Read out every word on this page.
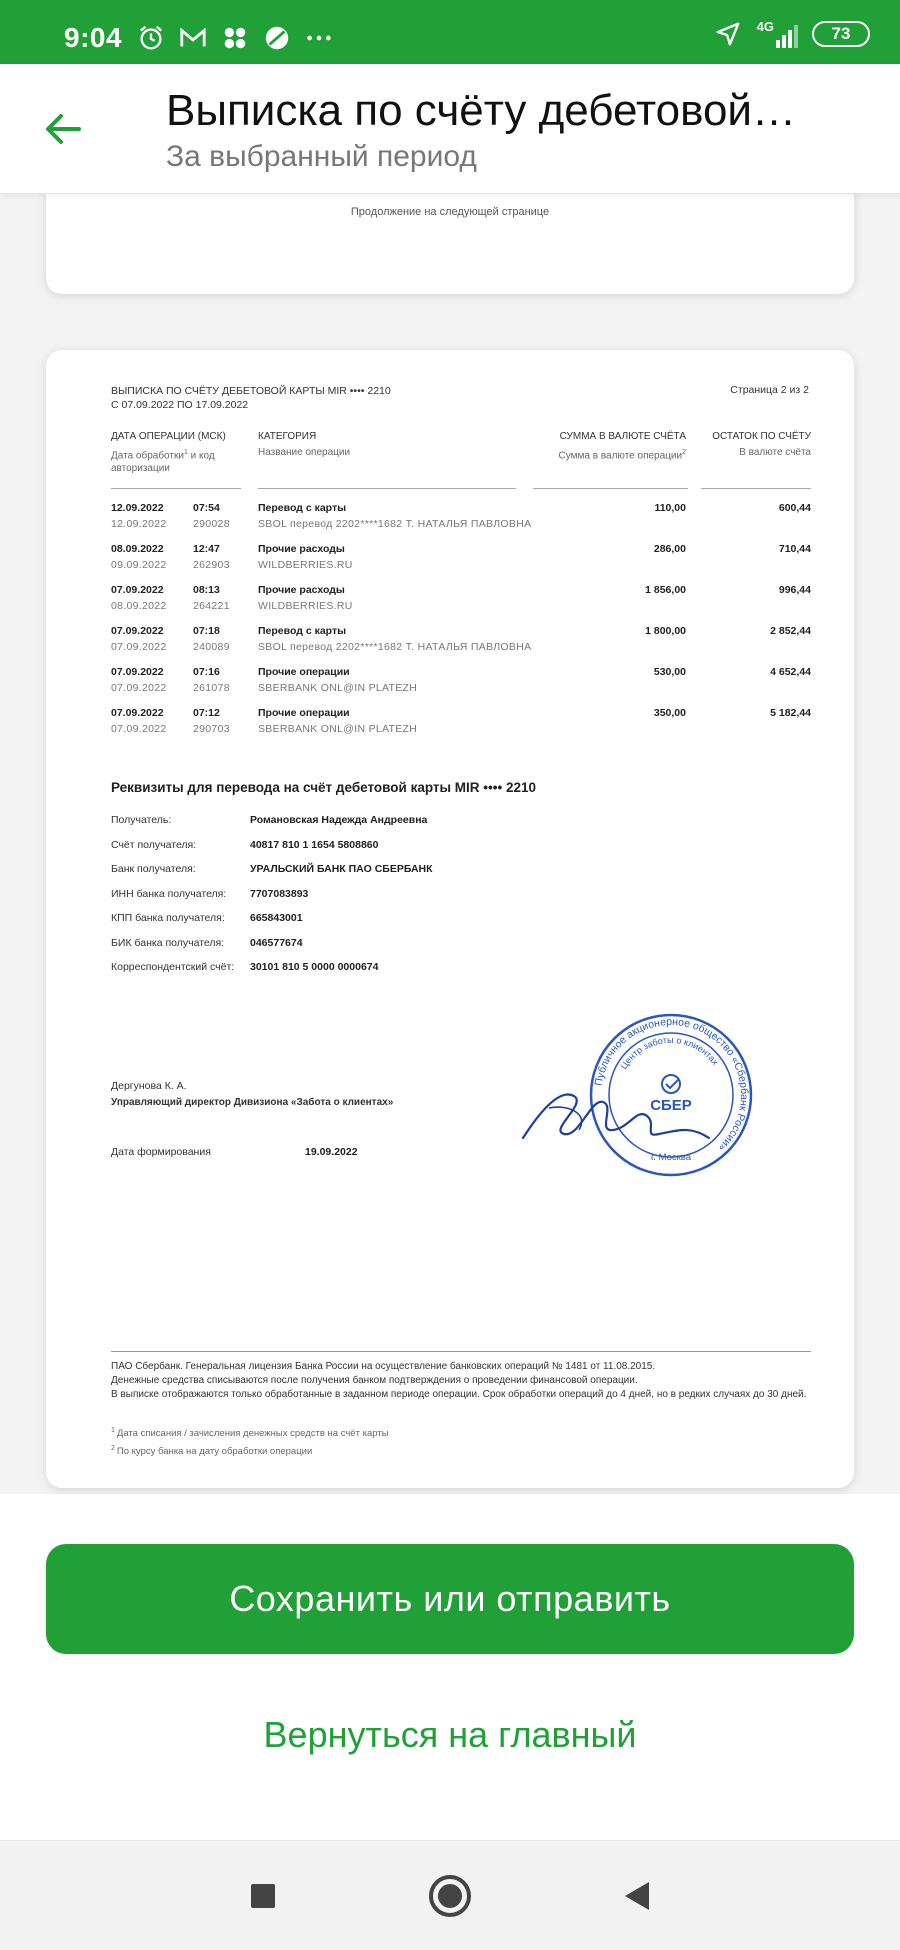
9:04	4G	73
Выписка по счёту дебетовой…
За выбранный период
Продолжение на следующей странице
ВЫПИСКА ПО СЧЁТУ ДЕБЕТОВОЙ КАРТЫ MIR •••• 2210
С 07.09.2022 ПО 17.09.2022
Страница 2 из 2
ДАТА ОПЕРАЦИИ (МСК)
Дата обработки$^1$ и код
авторизации
КАТЕГОРИЯ
Название операции
СУММА В ВАЛЮТЕ СЧЁТА
Сумма в валюте операции$^2$
ОСТАТОК ПО СЧЁТУ
В валюте счёта
12.09.2022	07:54	Перевод с карты	110,00	600,44
12.09.2022	290028	SBOL перевод 2202****1682 Т. НАТАЛЬЯ ПАВЛОВНА
08.09.2022	12:47	Прочие расходы	286,00	710,44
09.09.2022	262903	WILDBERRIES.RU
07.09.2022	08:13	Прочие расходы	1 856,00	996,44
08.09.2022	264221	WILDBERRIES.RU
07.09.2022	07:18	Перевод с карты	1 800,00	2 852,44
07.09.2022	240089	SBOL перевод 2202****1682 Т. НАТАЛЬЯ ПАВЛОВНА
07.09.2022	07:16	Прочие операции	530,00	4 652,44
07.09.2022	261078	SBERBANK ONL@IN PLATEZH
07.09.2022	07:12	Прочие операции	350,00	5 182,44
07.09.2022	290703	SBERBANK ONL@IN PLATEZH
Реквизиты для перевода на счёт дебетовой карты MIR •••• 2210
Получатель:	Романовская Надежда Андреевна
Счёт получателя:	40817 810 1 1654 5808860
Банк получателя:	УРАЛЬСКИЙ БАНК ПАО СБЕРБАНК
ИНН банка получателя: 7707083893
КПП банка получателя: 665843001
БИК банка получателя: 046577674
Корреспондентский счёт: 30101 810 5 0000 0000674
Дергунова К. А.
Управляющий директор Дивизиона «Забота о клиентах»
Дата формирования	19.09.2022
Публичное акционерное общество «Сбербанк России»
Центр заботы о клиентах
СБЕР
г. Москва
ПАО Сбербанк. Генеральная лицензия Банка России на осуществление банковских операций № 1481 от 11.08.2015.
Денежные средства списываются после получения банком подтверждения о проведении финансовой операции.
В выписке отображаются только обработанные в заданном периоде операции. Срок обработки операций до 4 дней, но в редких случаях до 30 дней.
$^1$ Дата списания / зачисления денежных средств на счёт карты
$^2$ По курсу банка на дату обработки операции
Сохранить или отправить
Вернуться на главный
